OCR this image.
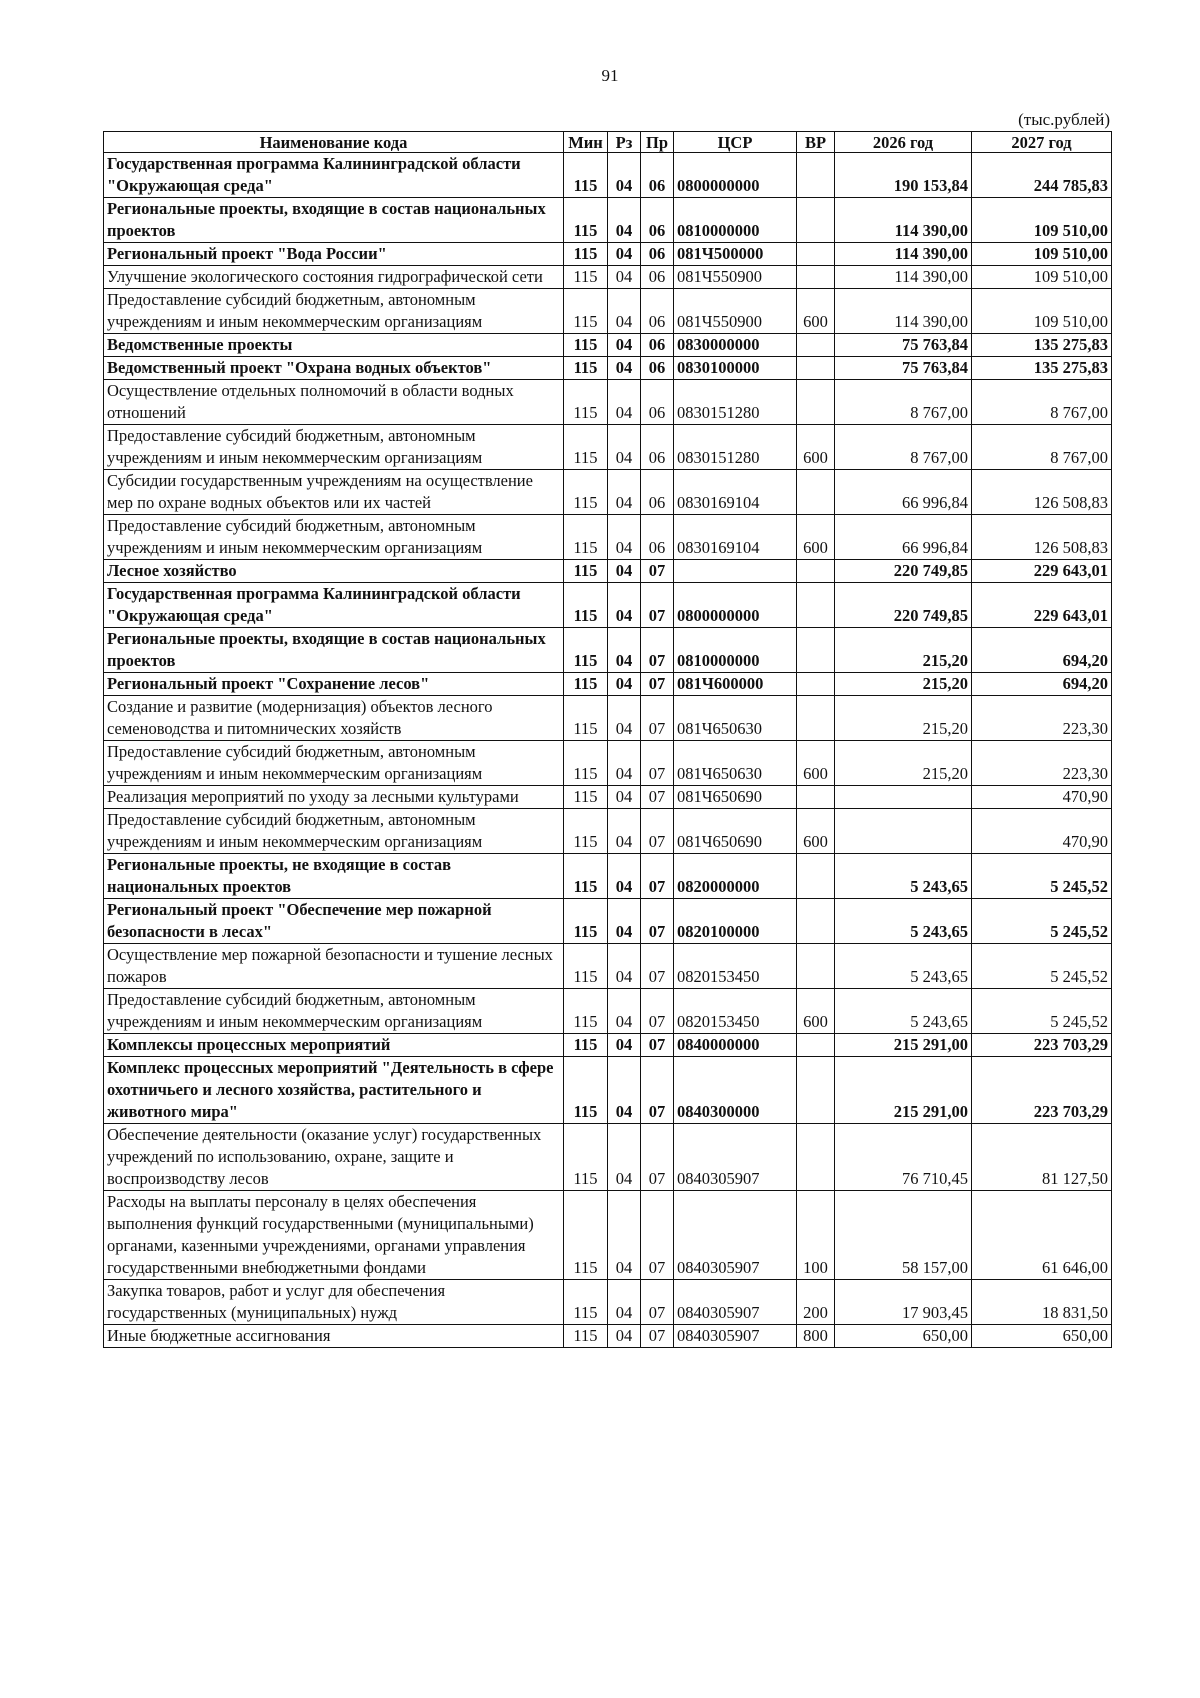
91
(тыс.рублей)
Наименование кода	Мин	Рз	Пр	ЦСР	ВР	2026 год	2027 год
Государственная программа Калининградской области "Окружающая среда"	115	04	06	0800000000		190 153,84	244 785,83
Региональные проекты, входящие в состав национальных проектов	115	04	06	0810000000		114 390,00	109 510,00
Региональный проект "Вода России"	115	04	06	081Ч500000		114 390,00	109 510,00
Улучшение экологического состояния гидрографической сети	115	04	06	081Ч550900		114 390,00	109 510,00
Предоставление субсидий бюджетным, автономным учреждениям и иным некоммерческим организациям	115	04	06	081Ч550900	600	114 390,00	109 510,00
Ведомственные проекты	115	04	06	0830000000		75 763,84	135 275,83
Ведомственный проект "Охрана водных объектов"	115	04	06	0830100000		75 763,84	135 275,83
Осуществление отдельных полномочий в области водных отношений	115	04	06	0830151280		8 767,00	8 767,00
Предоставление субсидий бюджетным, автономным учреждениям и иным некоммерческим организациям	115	04	06	0830151280	600	8 767,00	8 767,00
Субсидии государственным учреждениям на осуществление мер по охране водных объектов или их частей	115	04	06	0830169104		66 996,84	126 508,83
Предоставление субсидий бюджетным, автономным учреждениям и иным некоммерческим организациям	115	04	06	0830169104	600	66 996,84	126 508,83
Лесное хозяйство	115	04	07			220 749,85	229 643,01
Государственная программа Калининградской области "Окружающая среда"	115	04	07	0800000000		220 749,85	229 643,01
Региональные проекты, входящие в состав национальных проектов	115	04	07	0810000000		215,20	694,20
Региональный проект "Сохранение лесов"	115	04	07	081Ч600000		215,20	694,20
Создание и развитие (модернизация) объектов лесного семеноводства и питомнических хозяйств	115	04	07	081Ч650630		215,20	223,30
Предоставление субсидий бюджетным, автономным учреждениям и иным некоммерческим организациям	115	04	07	081Ч650630	600	215,20	223,30
Реализация мероприятий по уходу за лесными культурами	115	04	07	081Ч650690			470,90
Предоставление субсидий бюджетным, автономным учреждениям и иным некоммерческим организациям	115	04	07	081Ч650690	600		470,90
Региональные проекты, не входящие в состав национальных проектов	115	04	07	0820000000		5 243,65	5 245,52
Региональный проект "Обеспечение мер пожарной безопасности в лесах"	115	04	07	0820100000		5 243,65	5 245,52
Осуществление мер пожарной безопасности и тушение лесных пожаров	115	04	07	0820153450		5 243,65	5 245,52
Предоставление субсидий бюджетным, автономным учреждениям и иным некоммерческим организациям	115	04	07	0820153450	600	5 243,65	5 245,52
Комплексы процессных мероприятий	115	04	07	0840000000		215 291,00	223 703,29
Комплекс процессных мероприятий "Деятельность в сфере охотничьего и лесного хозяйства, растительного и животного мира"	115	04	07	0840300000		215 291,00	223 703,29
Обеспечение деятельности (оказание услуг) государственных учреждений по использованию, охране, защите и воспроизводству лесов	115	04	07	0840305907		76 710,45	81 127,50
Расходы на выплаты персоналу в целях обеспечения выполнения функций государственными (муниципальными) органами, казенными учреждениями, органами управления государственными внебюджетными фондами	115	04	07	0840305907	100	58 157,00	61 646,00
Закупка товаров, работ и услуг для обеспечения государственных (муниципальных) нужд	115	04	07	0840305907	200	17 903,45	18 831,50
Иные бюджетные ассигнования	115	04	07	0840305907	800	650,00	650,00
